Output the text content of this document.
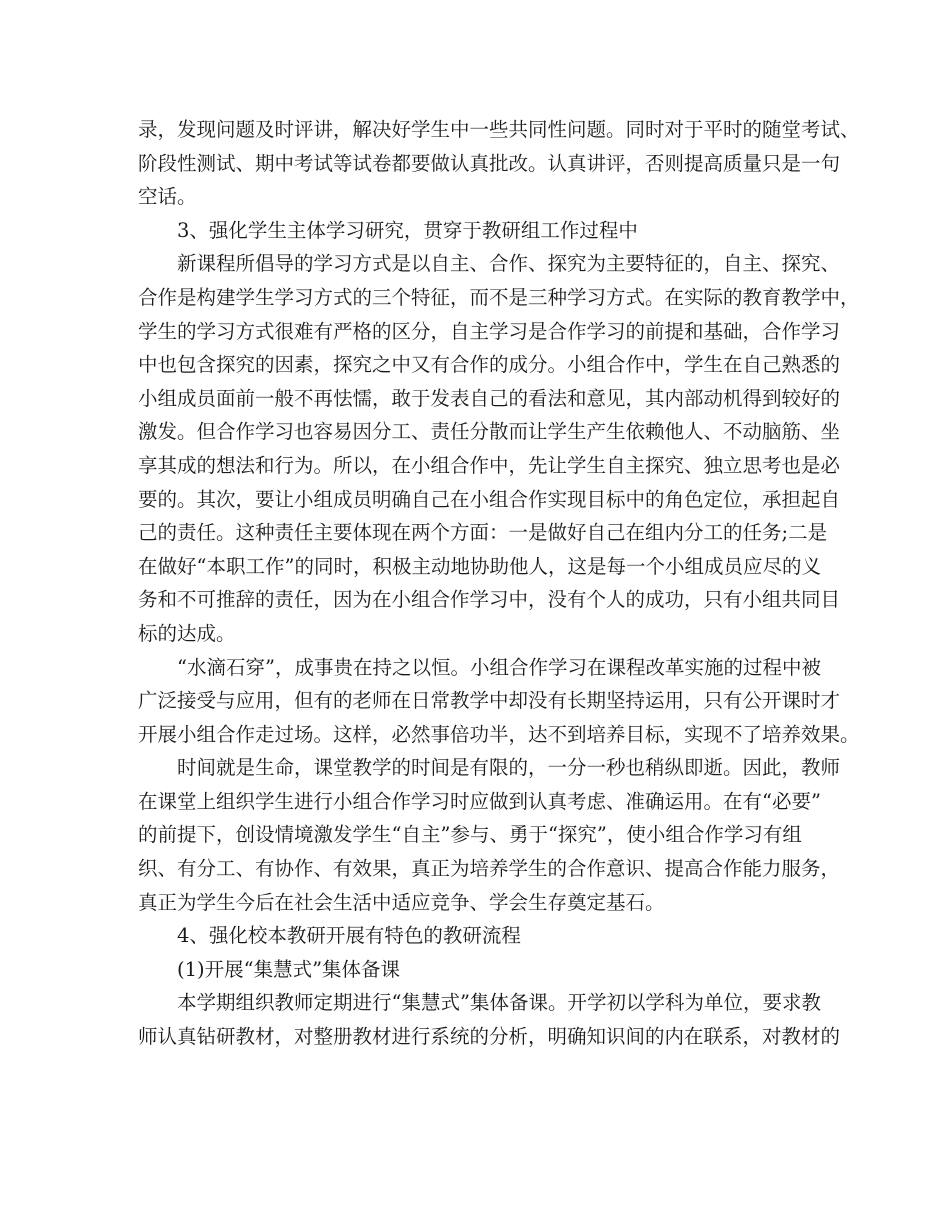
录，发现问题及时评讲，解决好学生中一些共同性问题。同时对于平时的随堂考试、

阶段性测试、期中考试等试卷都要做认真批改。认真讲评，否则提高质量只是一句

空话。

3、强化学生主体学习研究，贯穿于教研组工作过程中

新课程所倡导的学习方式是以自主、合作、探究为主要特征的，自主、探究、

合作是构建学生学习方式的三个特征，而不是三种学习方式。在实际的教育教学中，

学生的学习方式很难有严格的区分，自主学习是合作学习的前提和基础，合作学习

中也包含探究的因素，探究之中又有合作的成分。小组合作中，学生在自己熟悉的

小组成员面前一般不再怯懦，敢于发表自己的看法和意见，其内部动机得到较好的

激发。但合作学习也容易因分工、责任分散而让学生产生依赖他人、不动脑筋、坐

享其成的想法和行为。所以，在小组合作中，先让学生自主探究、独立思考也是必

要的。其次，要让小组成员明确自己在小组合作实现目标中的角色定位，承担起自

己的责任。这种责任主要体现在两个方面：一是做好自己在组内分工的任务;二是

在做好“本职工作”的同时，积极主动地协助他人，这是每一个小组成员应尽的义

务和不可推辞的责任，因为在小组合作学习中，没有个人的成功，只有小组共同目

标的达成。

“水滴石穿”，成事贵在持之以恒。小组合作学习在课程改革实施的过程中被

广泛接受与应用，但有的老师在日常教学中却没有长期坚持运用，只有公开课时才

开展小组合作走过场。这样，必然事倍功半，达不到培养目标，实现不了培养效果。

时间就是生命，课堂教学的时间是有限的，一分一秒也稍纵即逝。因此，教师

在课堂上组织学生进行小组合作学习时应做到认真考虑、准确运用。在有“必要”

的前提下，创设情境激发学生“自主”参与、勇于“探究”，使小组合作学习有组

织、有分工、有协作、有效果，真正为培养学生的合作意识、提高合作能力服务，

真正为学生今后在社会生活中适应竞争、学会生存奠定基石。

4、强化校本教研开展有特色的教研流程

(1)开展“集慧式”集体备课

本学期组织教师定期进行“集慧式”集体备课。开学初以学科为单位，要求教

师认真钻研教材，对整册教材进行系统的分析，明确知识间的内在联系，对教材的
